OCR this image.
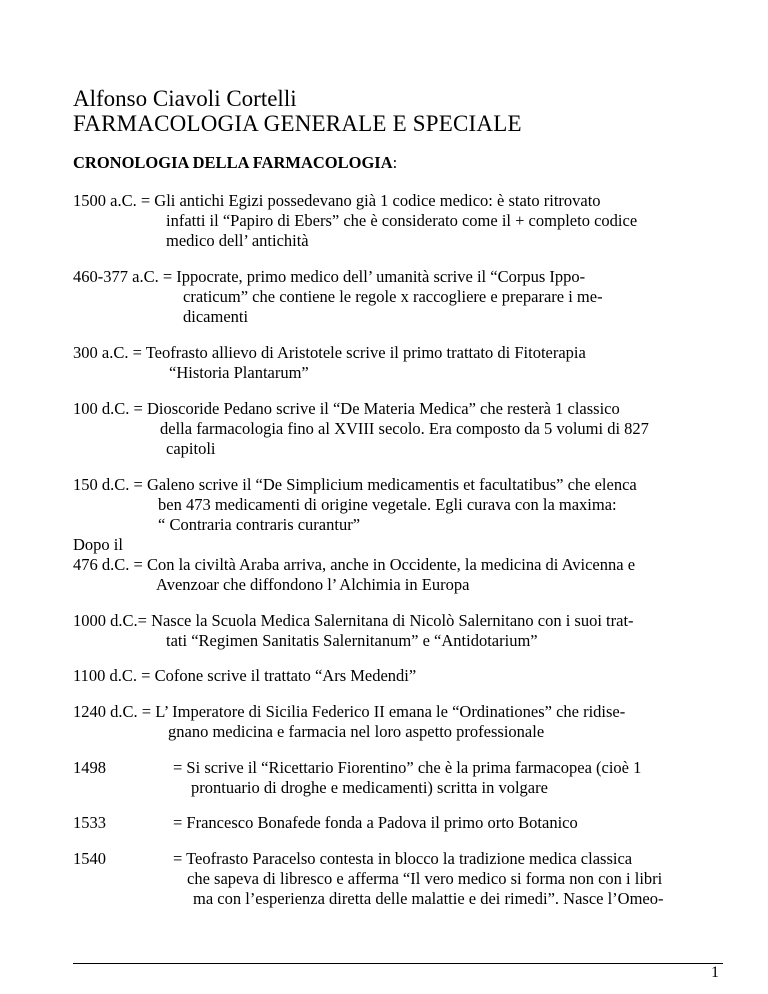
Alfonso Ciavoli Cortelli
FARMACOLOGIA GENERALE E SPECIALE
CRONOLOGIA DELLA FARMACOLOGIA:
1500 a.C. = Gli antichi Egizi possedevano già 1 codice medico: è stato ritrovato
infatti il “Papiro di Ebers” che è considerato come il + completo codice
medico dell’ antichità
460-377 a.C. = Ippocrate, primo medico dell’ umanità scrive il “Corpus Ippo-
craticum” che contiene le regole x raccogliere e preparare i me-
dicamenti
300 a.C. = Teofrasto allievo di Aristotele scrive il primo trattato di Fitoterapia
“Historia Plantarum”
100 d.C. = Dioscoride Pedano scrive il “De Materia Medica” che resterà 1 classico
della farmacologia fino al XVIII secolo. Era composto da 5 volumi di 827
capitoli
150 d.C. = Galeno scrive il “De Simplicium medicamentis et facultatibus” che elenca
ben 473 medicamenti di origine vegetale. Egli curava con la maxima:
“ Contraria contraris curantur”
Dopo il
476 d.C. = Con la civiltà Araba arriva, anche in Occidente, la medicina di Avicenna e
Avenzoar che diffondono l’ Alchimia in Europa
1000 d.C.= Nasce la Scuola Medica Salernitana di Nicolò Salernitano con i suoi trat-
tati “Regimen Sanitatis Salernitanum” e “Antidotarium”
1100 d.C. = Cofone scrive il trattato “Ars Medendi”
1240 d.C. = L’ Imperatore di Sicilia Federico II emana le “Ordinationes” che ridise-
gnano medicina e farmacia nel loro aspetto professionale
1498	= Si scrive il “Ricettario Fiorentino” che è la prima farmacopea (cioè 1
prontuario di droghe e medicamenti) scritta in volgare
1533	= Francesco Bonafede fonda a Padova il primo orto Botanico
1540	= Teofrasto Paracelso contesta in blocco la tradizione medica classica
che sapeva di libresco e afferma “Il vero medico si forma non con i libri
ma con l’esperienza diretta delle malattie e dei rimedi”. Nasce l’Omeo-
1
